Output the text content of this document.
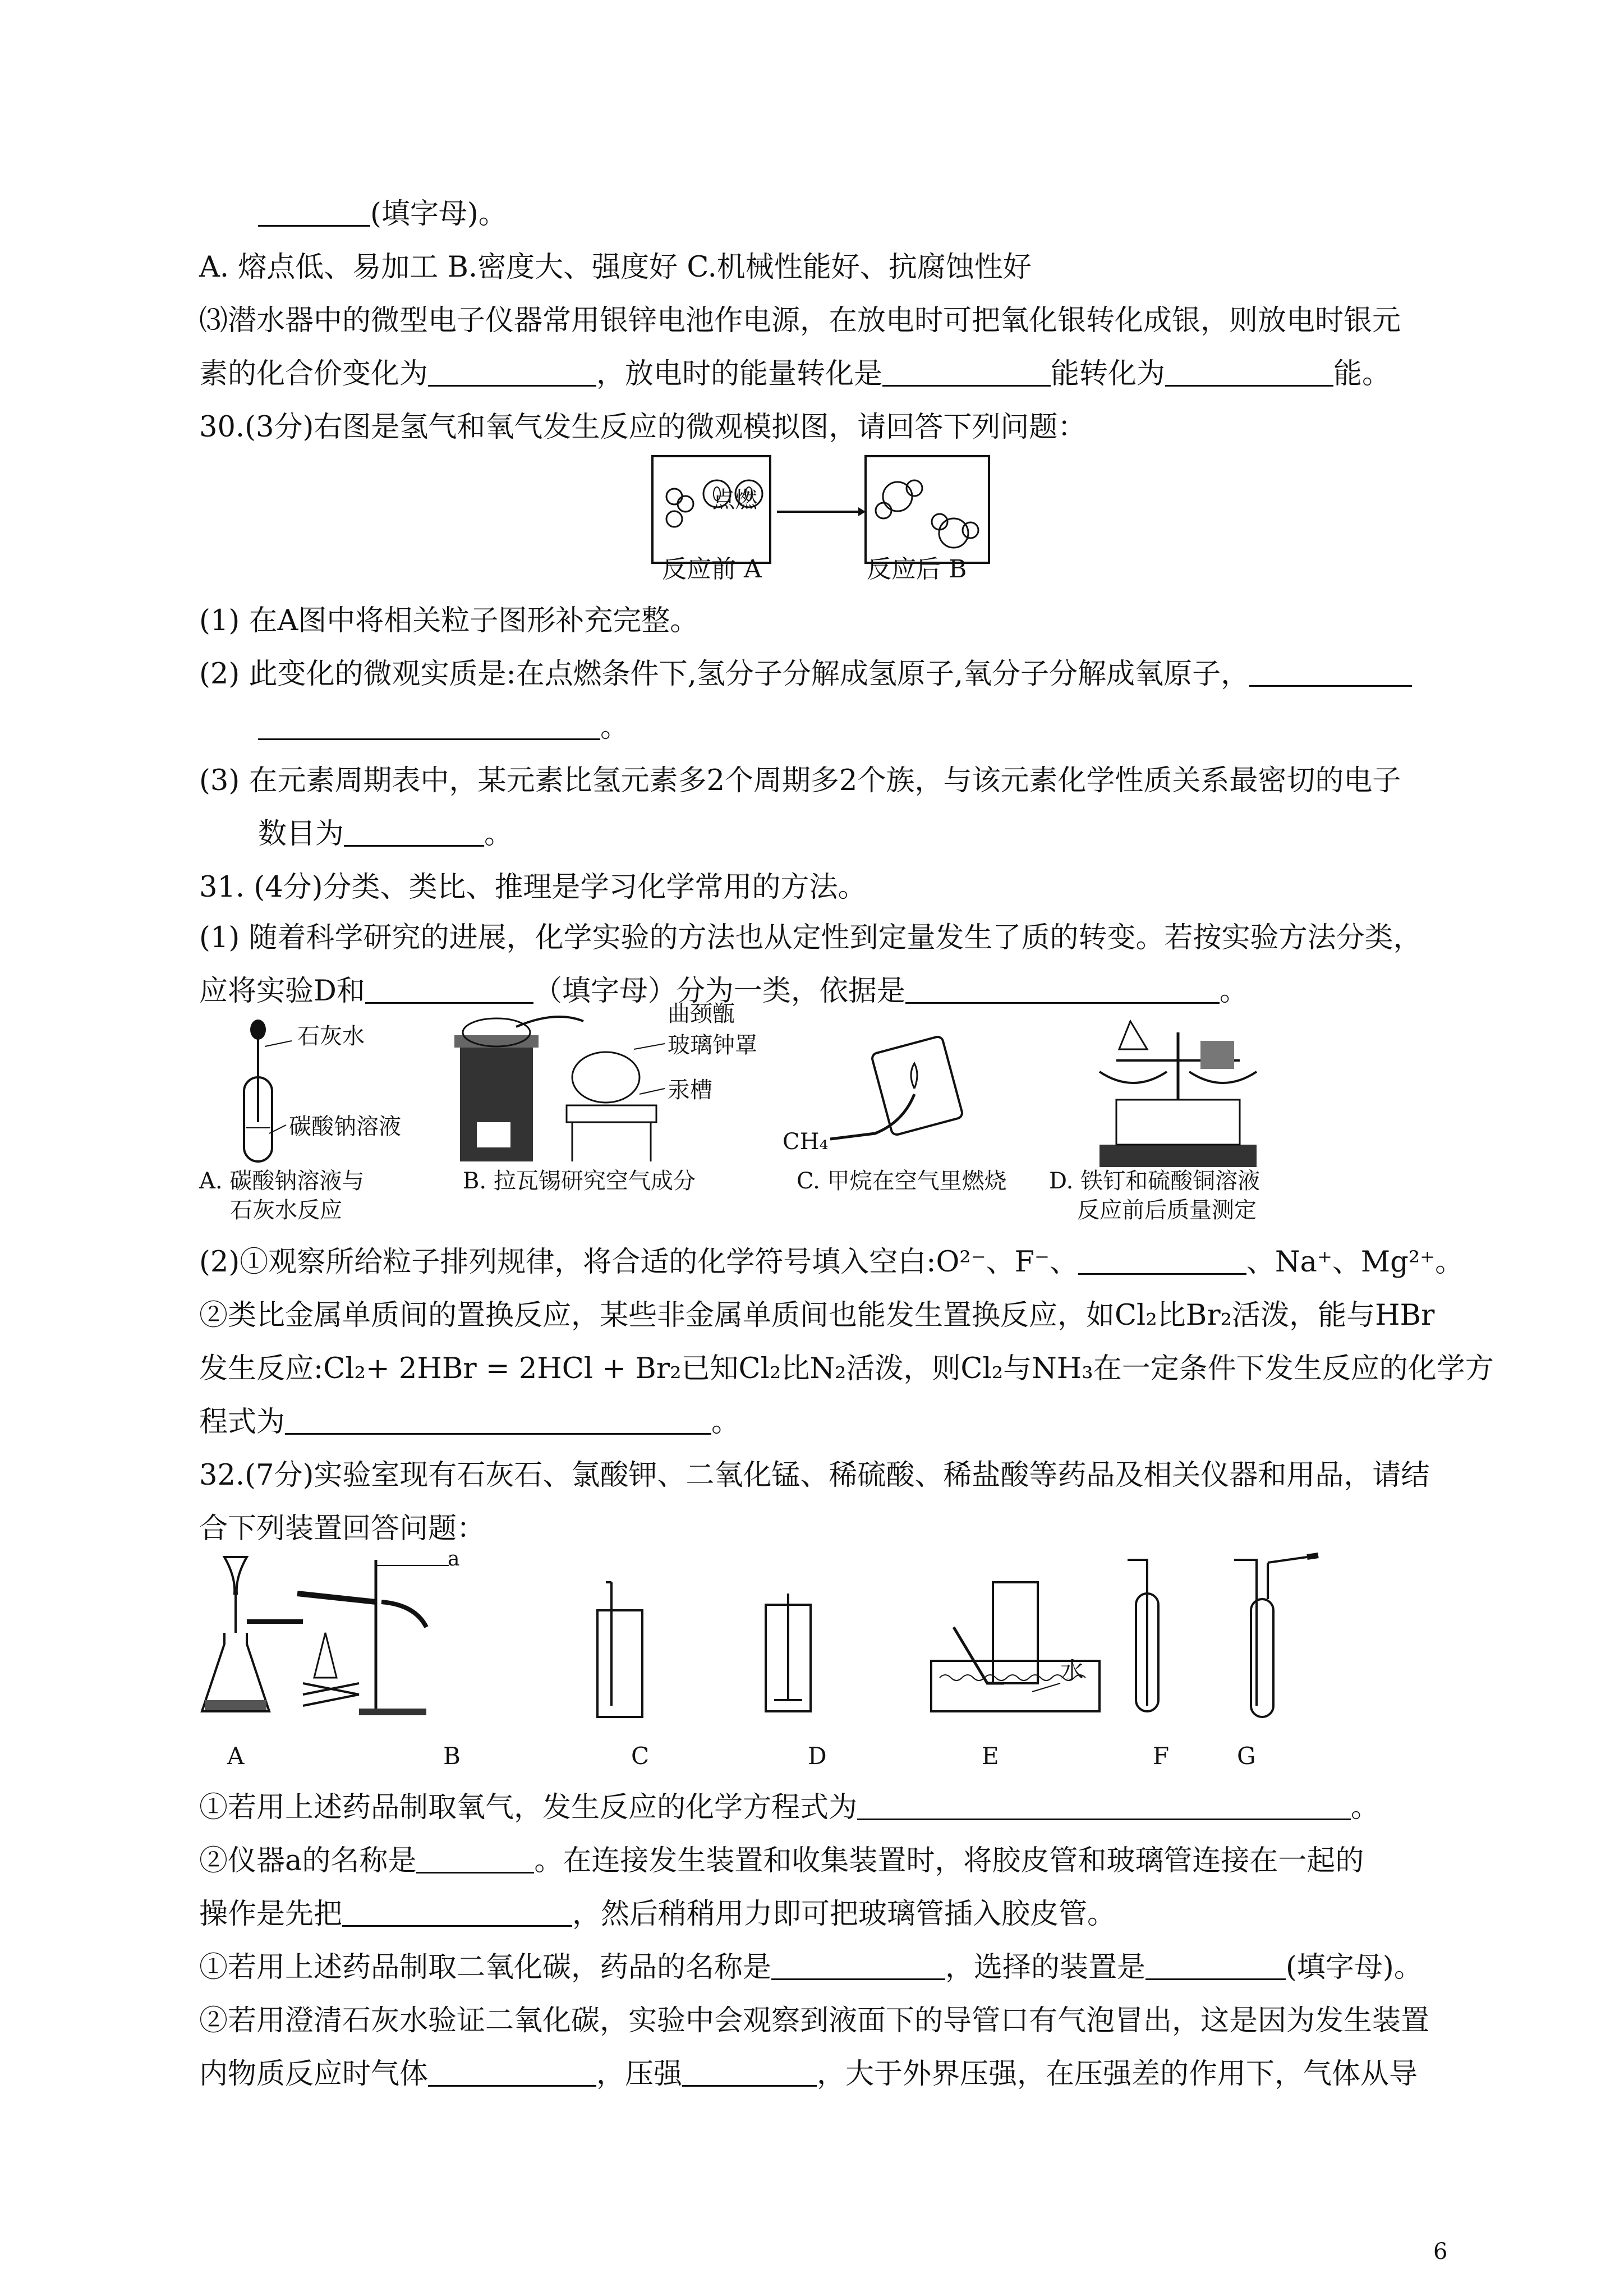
(填字母)。
A. 熔点低、易加工 B.密度大、强度好 C.机械性能好、抗腐蚀性好
⑶潜水器中的微型电子仪器常用银锌电池作电源，在放电时可把氧化银转化成银，则放电时银元
素的化合价变化为	，放电时的能量转化是	能转化为	能。
30.(3分)右图是氢气和氧气发生反应的微观模拟图，请回答下列问题：
点燃
反应前 A	反应后 B
(1) 在A图中将相关粒子图形补充完整。
(2) 此变化的微观实质是:在点燃条件下,氢分子分解成氢原子,氧分子分解成氧原子，
。
(3) 在元素周期表中，某元素比氢元素多2个周期多2个族，与该元素化学性质关系最密切的电子
数目为	。
31. (4分)分类、类比、推理是学习化学常用的方法。
(1) 随着科学研究的进展，化学实验的方法也从定性到定量发生了质的转变。若按实验方法分类，
应将实验D和	（填字母）分为一类，依据是	。
石灰水
碳酸钠溶液
曲颈甑
玻璃钟罩
汞槽
CH₄
A. 碳酸钠溶液与
石灰水反应
B. 拉瓦锡研究空气成分	C. 甲烷在空气里燃烧 D. 铁钉和硫酸铜溶液
反应前后质量测定
(2)①观察所给粒子排列规律，将合适的化学符号填入空白:O²⁻、F⁻、	、Na⁺、Mg²⁺。
②类比金属单质间的置换反应，某些非金属单质间也能发生置换反应，如Cl₂比Br₂活泼，能与HBr
发生反应:Cl₂+ 2HBr = 2HCl + Br₂已知Cl₂比N₂活泼，则Cl₂与NH₃在一定条件下发生反应的化学方
程式为	。
32.(7分)实验室现有石灰石、氯酸钾、二氧化锰、稀硫酸、稀盐酸等药品及相关仪器和用品，请结
合下列装置回答问题：
a
水
A	B	C	D	E	F	G
①若用上述药品制取氧气，发生反应的化学方程式为	。
②仪器a的名称是	。在连接发生装置和收集装置时，将胶皮管和玻璃管连接在一起的
操作是先把	，然后稍稍用力即可把玻璃管插入胶皮管。
①若用上述药品制取二氧化碳，药品的名称是	，选择的装置是	(填字母)。
②若用澄清石灰水验证二氧化碳，实验中会观察到液面下的导管口有气泡冒出，这是因为发生装置
内物质反应时气体	，压强	，大于外界压强，在压强差的作用下，气体从导
6
